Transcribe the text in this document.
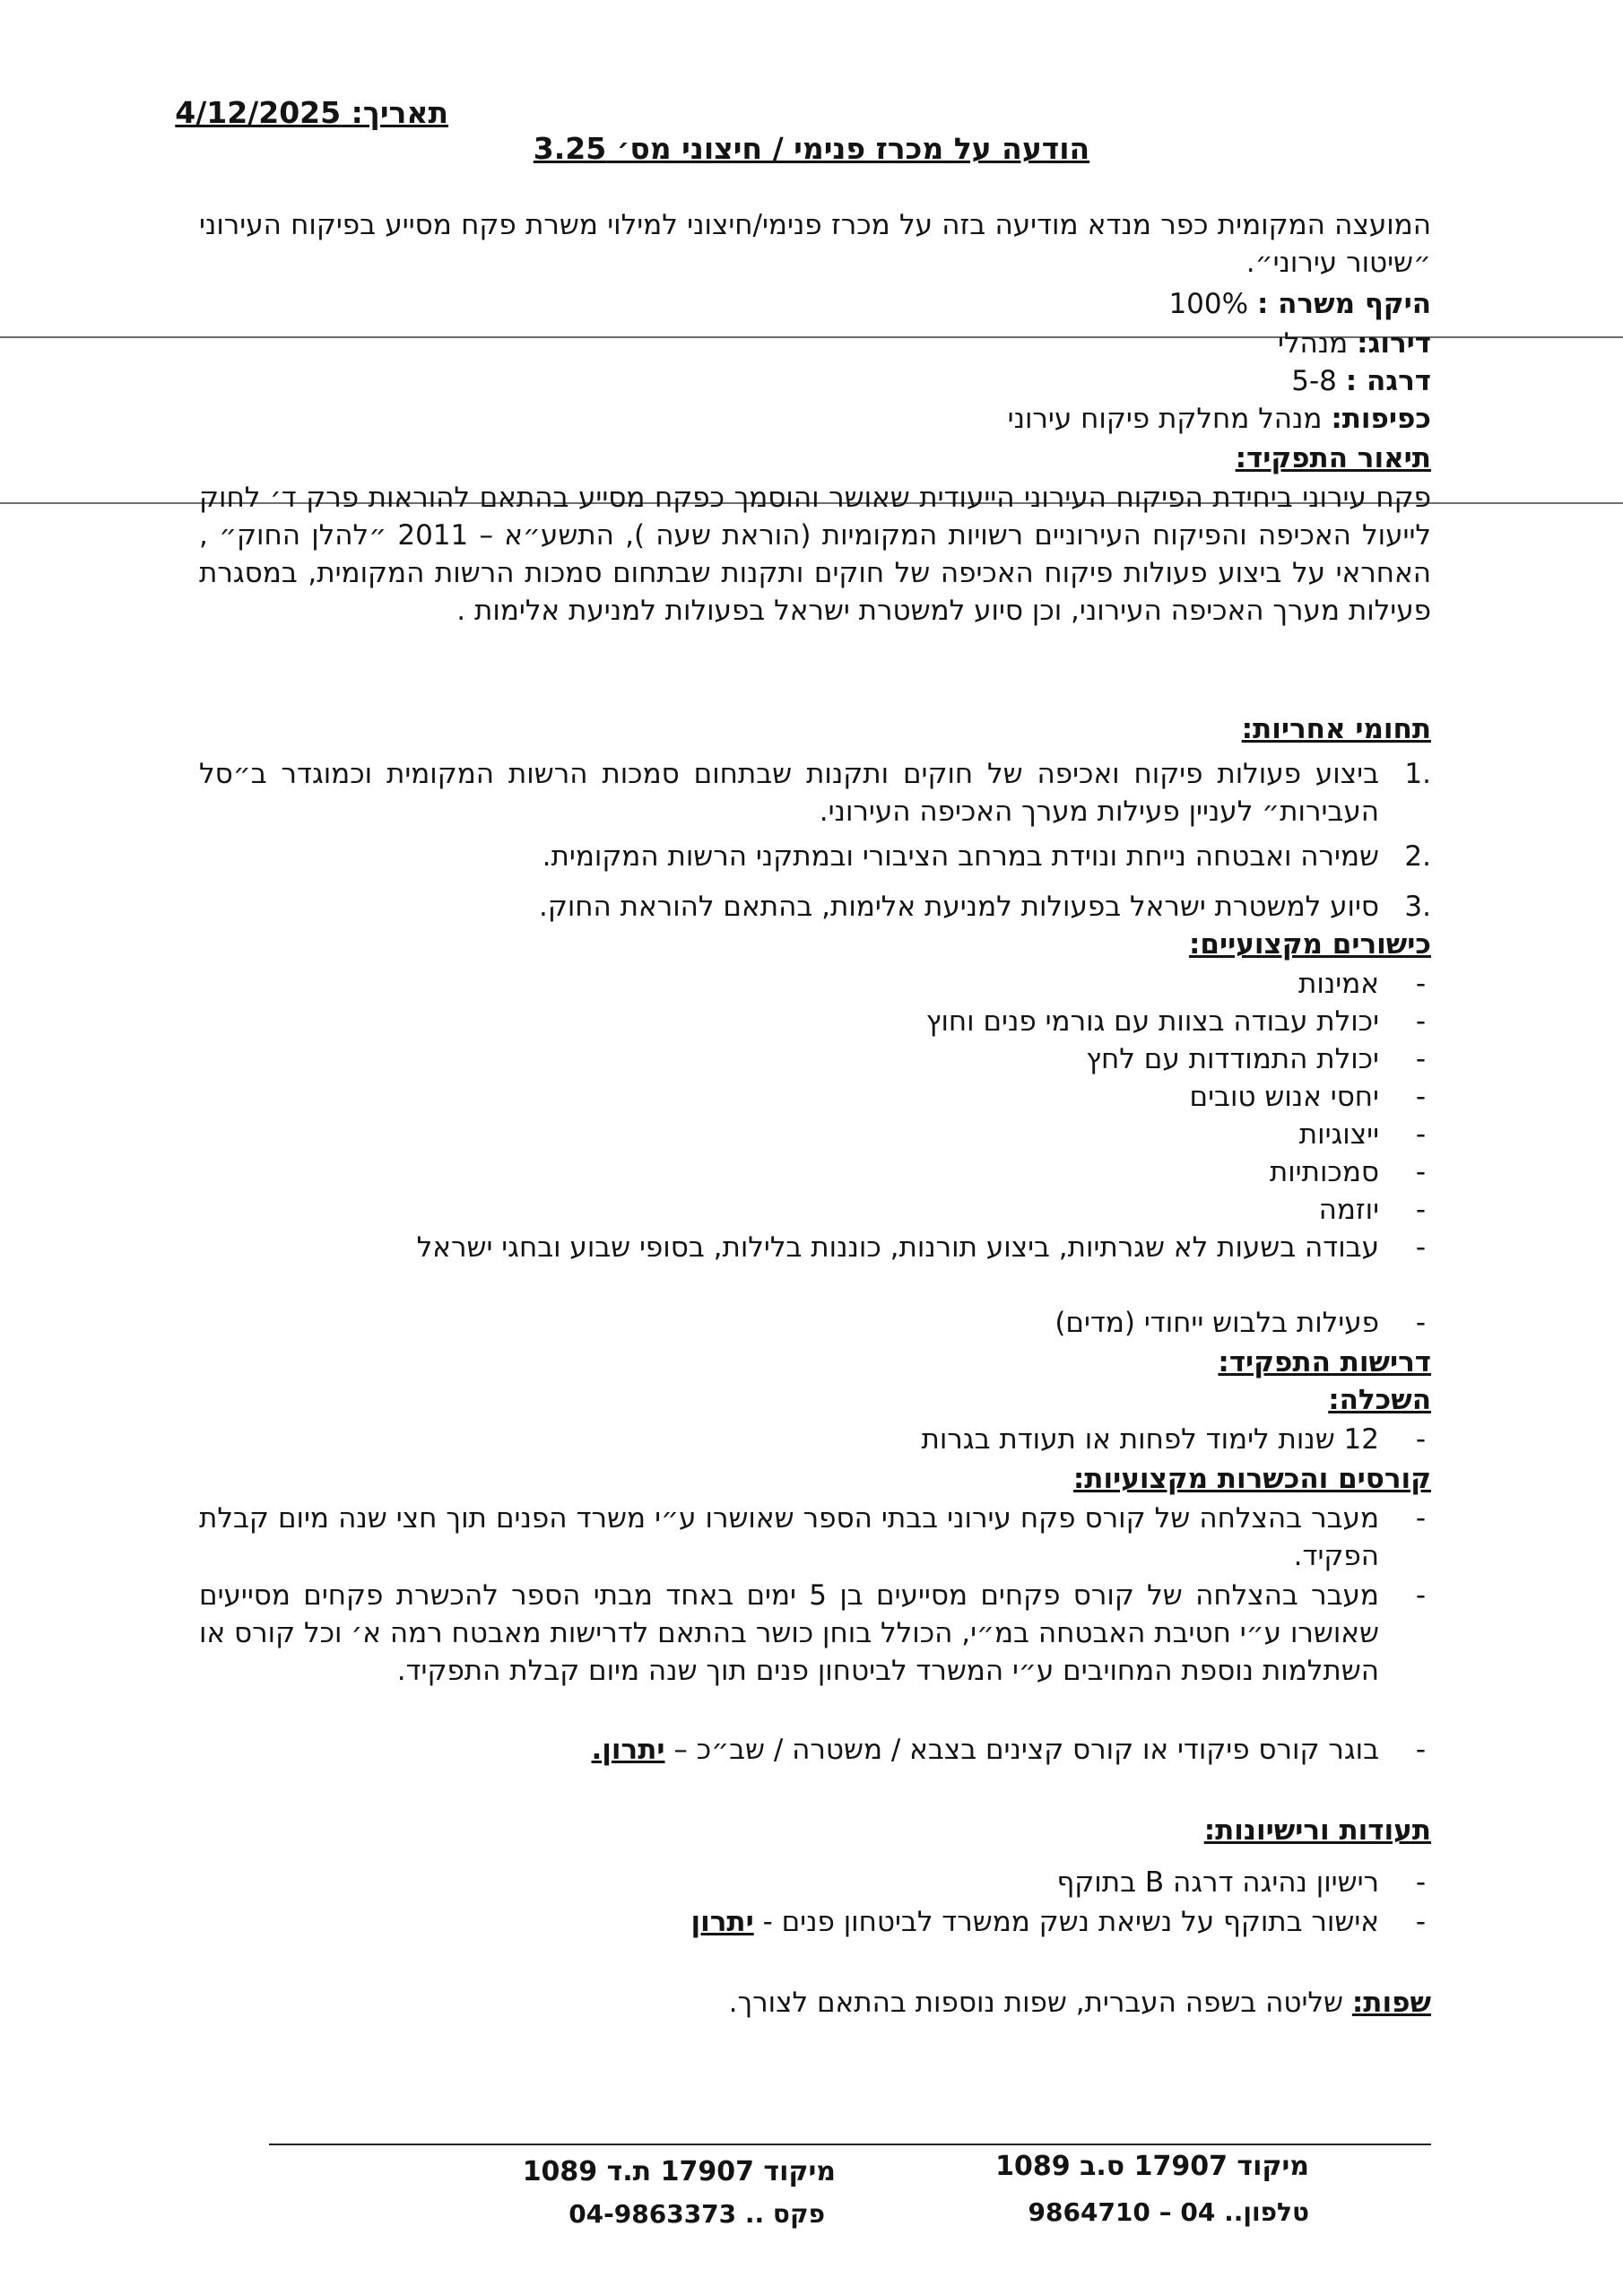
תאריך: 4/12/2025
הודעה על מכרז פנימי / חיצוני מס׳ 3.25
המועצה המקומית כפר מנדא מודיעה בזה על מכרז פנימי/חיצוני למילוי משרת פקח מסייע בפיקוח העירוני ״שיטור עירוני״.
היקף משרה : 100%
דירוג: מנהלי
דרגה : 5-8
כפיפות: מנהל מחלקת פיקוח עירוני
תיאור התפקיד:
פקח עירוני ביחידת הפיקוח העירוני הייעודית שאושר והוסמך כפקח מסייע בהתאם להוראות פרק ד׳ לחוק לייעול האכיפה והפיקוח העירוניים רשויות המקומיות (הוראת שעה ), התשע״א – 2011 ״להלן החוק״ , האחראי על ביצוע פעולות פיקוח האכיפה של חוקים ותקנות שבתחום סמכות הרשות המקומית, במסגרת פעילות מערך האכיפה העירוני, וכן סיוע למשטרת ישראל בפעולות למניעת אלימות .
תחומי אחריות:
.1
ביצוע פעולות פיקוח ואכיפה של חוקים ותקנות שבתחום סמכות הרשות המקומית וכמוגדר ב״סל העבירות״ לעניין פעילות מערך האכיפה העירוני.
.2
שמירה ואבטחה נייחת ונוידת במרחב הציבורי ובמתקני הרשות המקומית.
.3
סיוע למשטרת ישראל בפעולות למניעת אלימות, בהתאם להוראת החוק.
כישורים מקצועיים:
-
אמינות
-
יכולת עבודה בצוות עם גורמי פנים וחוץ
-
יכולת התמודדות עם לחץ
-
יחסי אנוש טובים
-
ייצוגיות
-
סמכותיות
-
יוזמה
-
עבודה בשעות לא שגרתיות, ביצוע תורנות, כוננות בלילות, בסופי שבוע ובחגי ישראל
-
פעילות בלבוש ייחודי (מדים)
דרישות התפקיד:
השכלה:
-
12 שנות לימוד לפחות או תעודת בגרות
קורסים והכשרות מקצועיות:
-
מעבר בהצלחה של קורס פקח עירוני בבתי הספר שאושרו ע״י משרד הפנים תוך חצי שנה מיום קבלת הפקיד.
-
מעבר בהצלחה של קורס פקחים מסייעים בן 5 ימים באחד מבתי הספר להכשרת פקחים מסייעים שאושרו ע״י חטיבת האבטחה במ״י, הכולל בוחן כושר בהתאם לדרישות מאבטח רמה א׳ וכל קורס או השתלמות נוספת המחויבים ע״י המשרד לביטחון פנים תוך שנה מיום קבלת התפקיד.
-
בוגר קורס פיקודי או קורס קצינים בצבא / משטרה / שב״כ – יתרון.
תעודות ורישיונות:
-
רישיון נהיגה דרגה B בתוקף
-
אישור בתוקף על נשיאת נשק ממשרד לביטחון פנים - יתרון
שפות: שליטה בשפה העברית, שפות נוספות בהתאם לצורך.
מיקוד 17907 ת.ד 1089	מיקוד 17907 ס.ב 1089
פקס .. 04-9863373	טלפון.. 04 – 9864710
